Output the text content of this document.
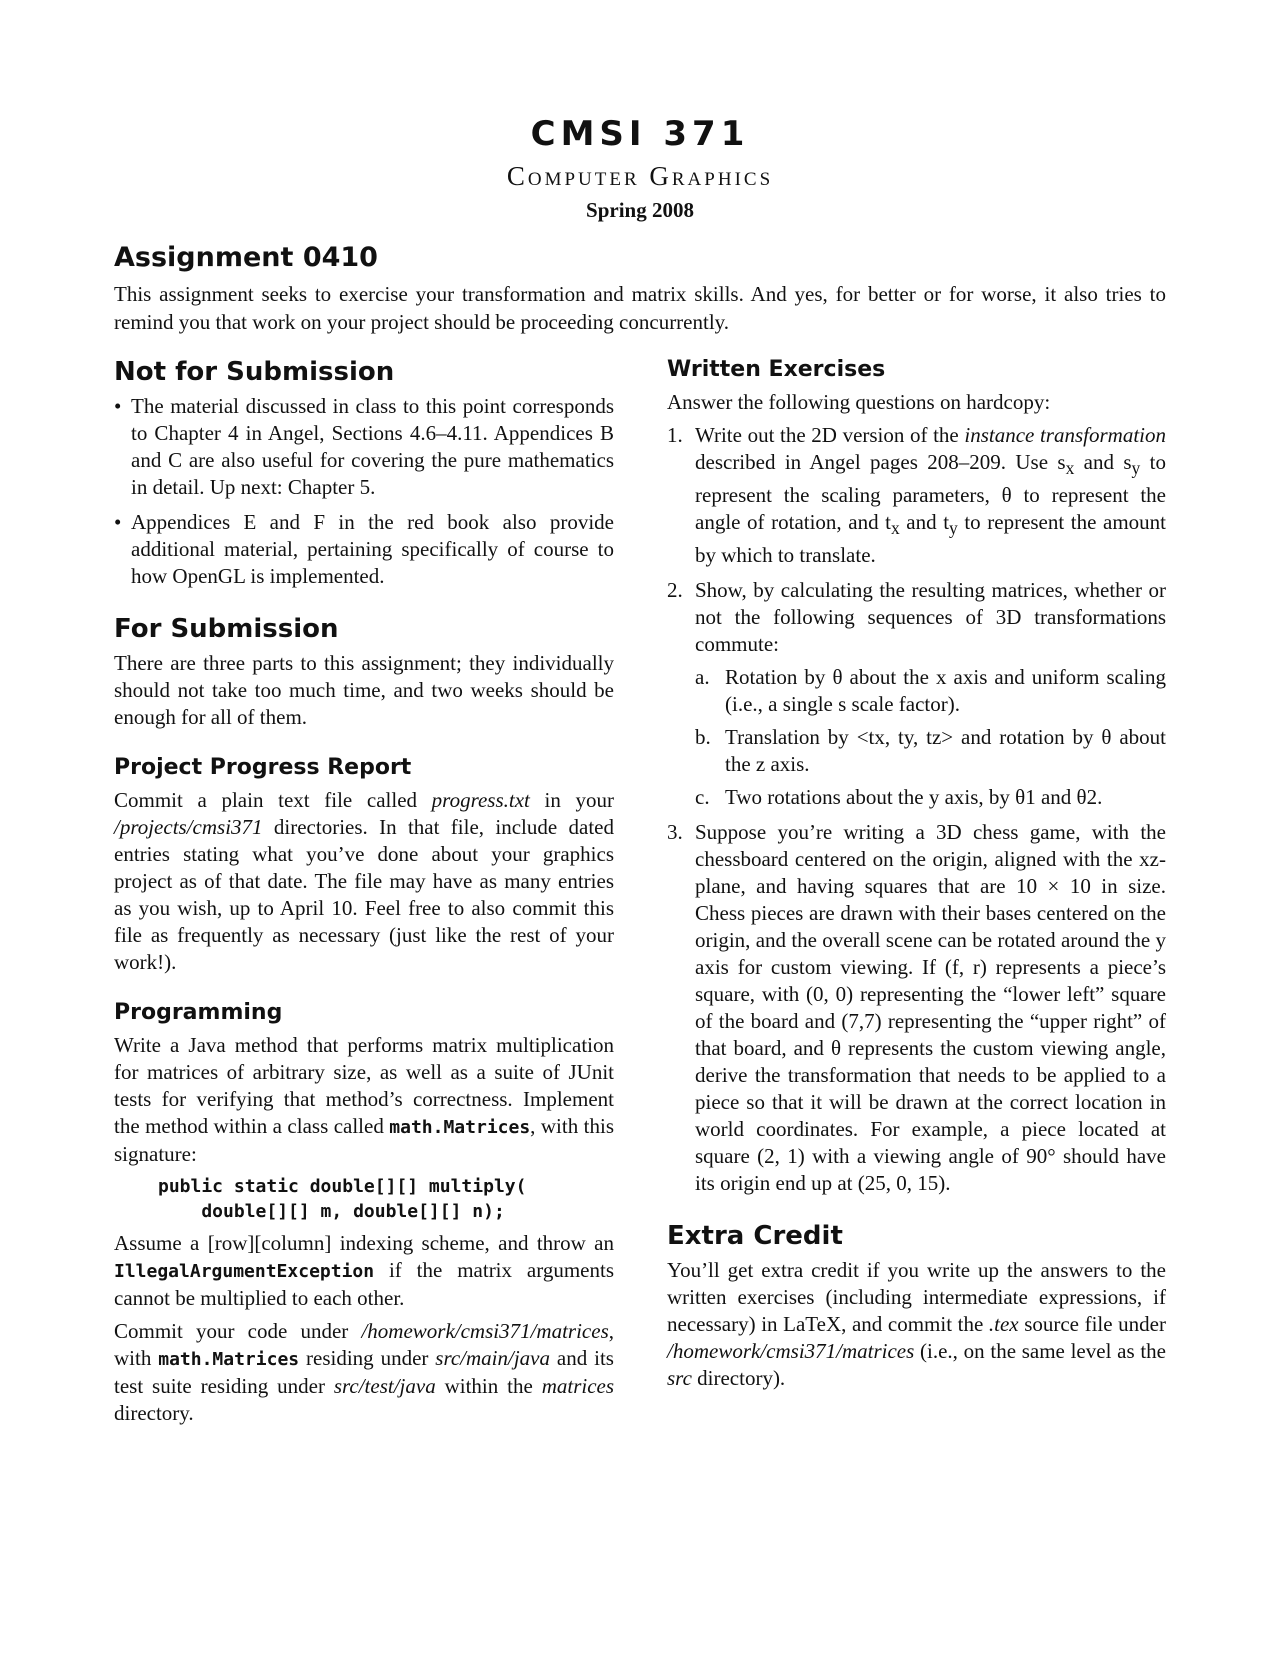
CMSI 371
Computer Graphics
Spring 2008
Assignment 0410

This assignment seeks to exercise your transformation and matrix skills. And yes, for better or for worse, it also tries to remind you that work on your project should be proceeding concurrently.

Not for Submission
• The material discussed in class to this point corresponds to Chapter 4 in Angel, Sections 4.6–4.11. Appendices B and C are also useful for covering the pure mathematics in detail. Up next: Chapter 5.
• Appendices E and F in the red book also provide additional material, pertaining specifically of course to how OpenGL is implemented.
For Submission

There are three parts to this assignment; they individually should not take too much time, and two weeks should be enough for all of them.

Project Progress Report

Commit a plain text file called progress.txt in your /projects/cmsi371 directories. In that file, include dated entries stating what you’ve done about your graphics project as of that date. The file may have as many entries as you wish, up to April 10. Feel free to also commit this file as frequently as necessary (just like the rest of your work!).

Programming

Write a Java method that performs matrix multiplication for matrices of arbitrary size, as well as a suite of JUnit tests for verifying that method’s correctness. Implement the method within a class called math.Matrices, with this signature:

public static double[][] multiply(
double[][] m, double[][] n);

Assume a [row][column] indexing scheme, and throw an IllegalArgumentException if the matrix arguments cannot be multiplied to each other.

Commit your code under /homework/cmsi371/matrices, with math.Matrices residing under src/main/java and its test suite residing under src/test/java within the matrices directory.

Written Exercises

Answer the following questions on hardcopy:

1. Write out the 2D version of the instance transformation described in Angel pages 208–209. Use $s_x$ and $s_y$ to represent the scaling parameters, θ to represent the angle of rotation, and $t_x$ and $t_y$ to represent the amount by which to translate.
2. Show, by calculating the resulting matrices, whether or not the following sequences of 3D transformations commute:
a. Rotation by θ about the x axis and uniform scaling (i.e., a single s scale factor).
b. Translation by <tx, ty, tz> and rotation by θ about the z axis.
c. Two rotations about the y axis, by θ1 and θ2.
3. Suppose you’re writing a 3D chess game, with the chessboard centered on the origin, aligned with the xz-plane, and having squares that are 10 × 10 in size. Chess pieces are drawn with their bases centered on the origin, and the overall scene can be rotated around the y axis for custom viewing. If (f, r) represents a piece’s square, with (0, 0) representing the “lower left” square of the board and (7,7) representing the “upper right” of that board, and θ represents the custom viewing angle, derive the transformation that needs to be applied to a piece so that it will be drawn at the correct location in world coordinates. For example, a piece located at square (2, 1) with a viewing angle of 90° should have its origin end up at (25, 0, 15).
Extra Credit

You’ll get extra credit if you write up the answers to the written exercises (including intermediate expressions, if necessary) in LaTeX, and commit the .tex source file under /homework/cmsi371/matrices (i.e., on the same level as the src directory).
